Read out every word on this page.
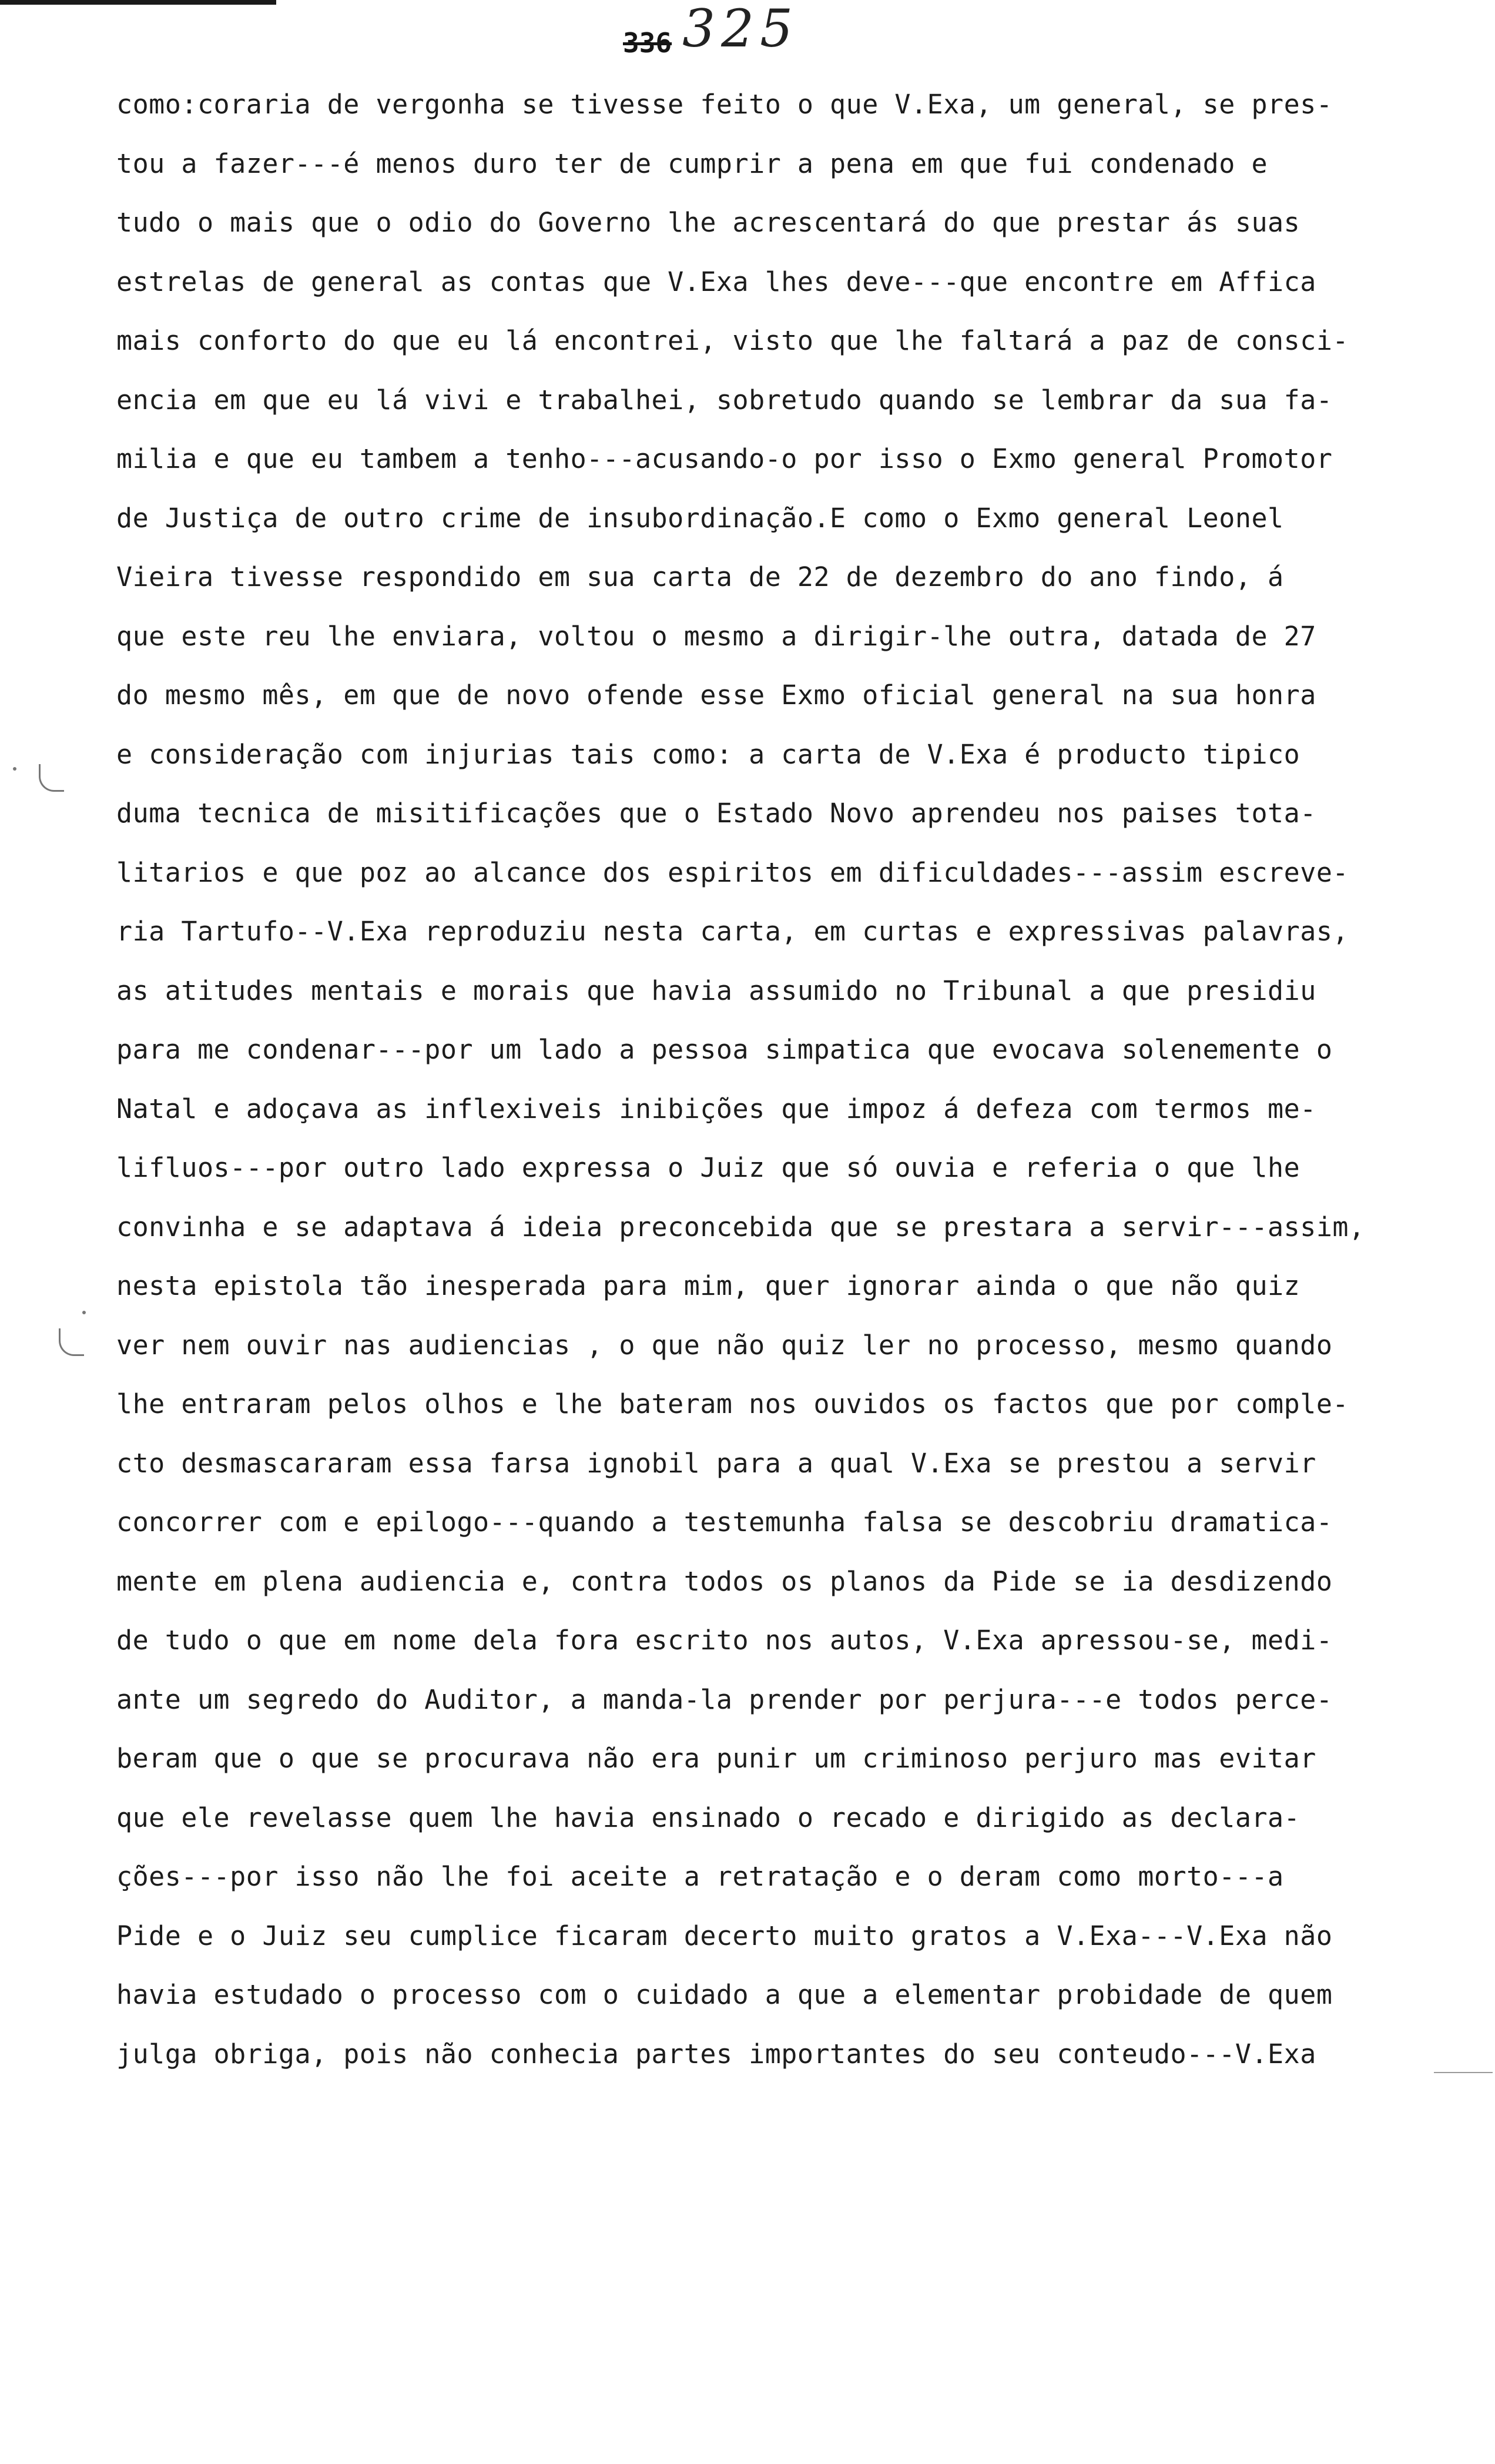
336 325
como:coraria de vergonha se tivesse feito o que V.Exa, um general, se pres-
tou a fazer---é menos duro ter de cumprir a pena em que fui condenado e
tudo o mais que o odio do Governo lhe acrescentará do que prestar ás suas
estrelas de general as contas que V.Exa lhes deve---que encontre em Affica
mais conforto do que eu lá encontrei, visto que lhe faltará a paz de consci-
encia em que eu lá vivi e trabalhei, sobretudo quando se lembrar da sua fa-
milia e que eu tambem a tenho---acusando-o por isso o Exmo general Promotor
de Justiça de outro crime de insubordinação.E como o Exmo general Leonel
Vieira tivesse respondido em sua carta de 22 de dezembro do ano findo, á
que este reu lhe enviara, voltou o mesmo a dirigir-lhe outra, datada de 27
do mesmo mês, em que de novo ofende esse Exmo oficial general na sua honra
e consideração com injurias tais como: a carta de V.Exa é producto tipico
duma tecnica de misitificações que o Estado Novo aprendeu nos paises tota-
litarios e que poz ao alcance dos espiritos em dificuldades---assim escreve-
ria Tartufo--V.Exa reproduziu nesta carta, em curtas e expressivas palavras,
as atitudes mentais e morais que havia assumido no Tribunal a que presidiu
para me condenar---por um lado a pessoa simpatica que evocava solenemente o
Natal e adoçava as inflexiveis inibições que impoz á defeza com termos me-
lifluos---por outro lado expressa o Juiz que só ouvia e referia o que lhe
convinha e se adaptava á ideia preconcebida que se prestara a servir---assim,
nesta epistola tão inesperada para mim, quer ignorar ainda o que não quiz
ver nem ouvir nas audiencias , o que não quiz ler no processo, mesmo quando
lhe entraram pelos olhos e lhe bateram nos ouvidos os factos que por comple-
cto desmascararam essa farsa ignobil para a qual V.Exa se prestou a servir
concorrer com e epilogo---quando a testemunha falsa se descobriu dramatica-
mente em plena audiencia e, contra todos os planos da Pide se ia desdizendo
de tudo o que em nome dela fora escrito nos autos, V.Exa apressou-se, medi-
ante um segredo do Auditor, a manda-la prender por perjura---e todos perce-
beram que o que se procurava não era punir um criminoso perjuro mas evitar
que ele revelasse quem lhe havia ensinado o recado e dirigido as declara-
ções---por isso não lhe foi aceite a retratação e o deram como morto---a
Pide e o Juiz seu cumplice ficaram decerto muito gratos a V.Exa---V.Exa não
havia estudado o processo com o cuidado a que a elementar probidade de quem
julga obriga, pois não conhecia partes importantes do seu conteudo---V.Exa
